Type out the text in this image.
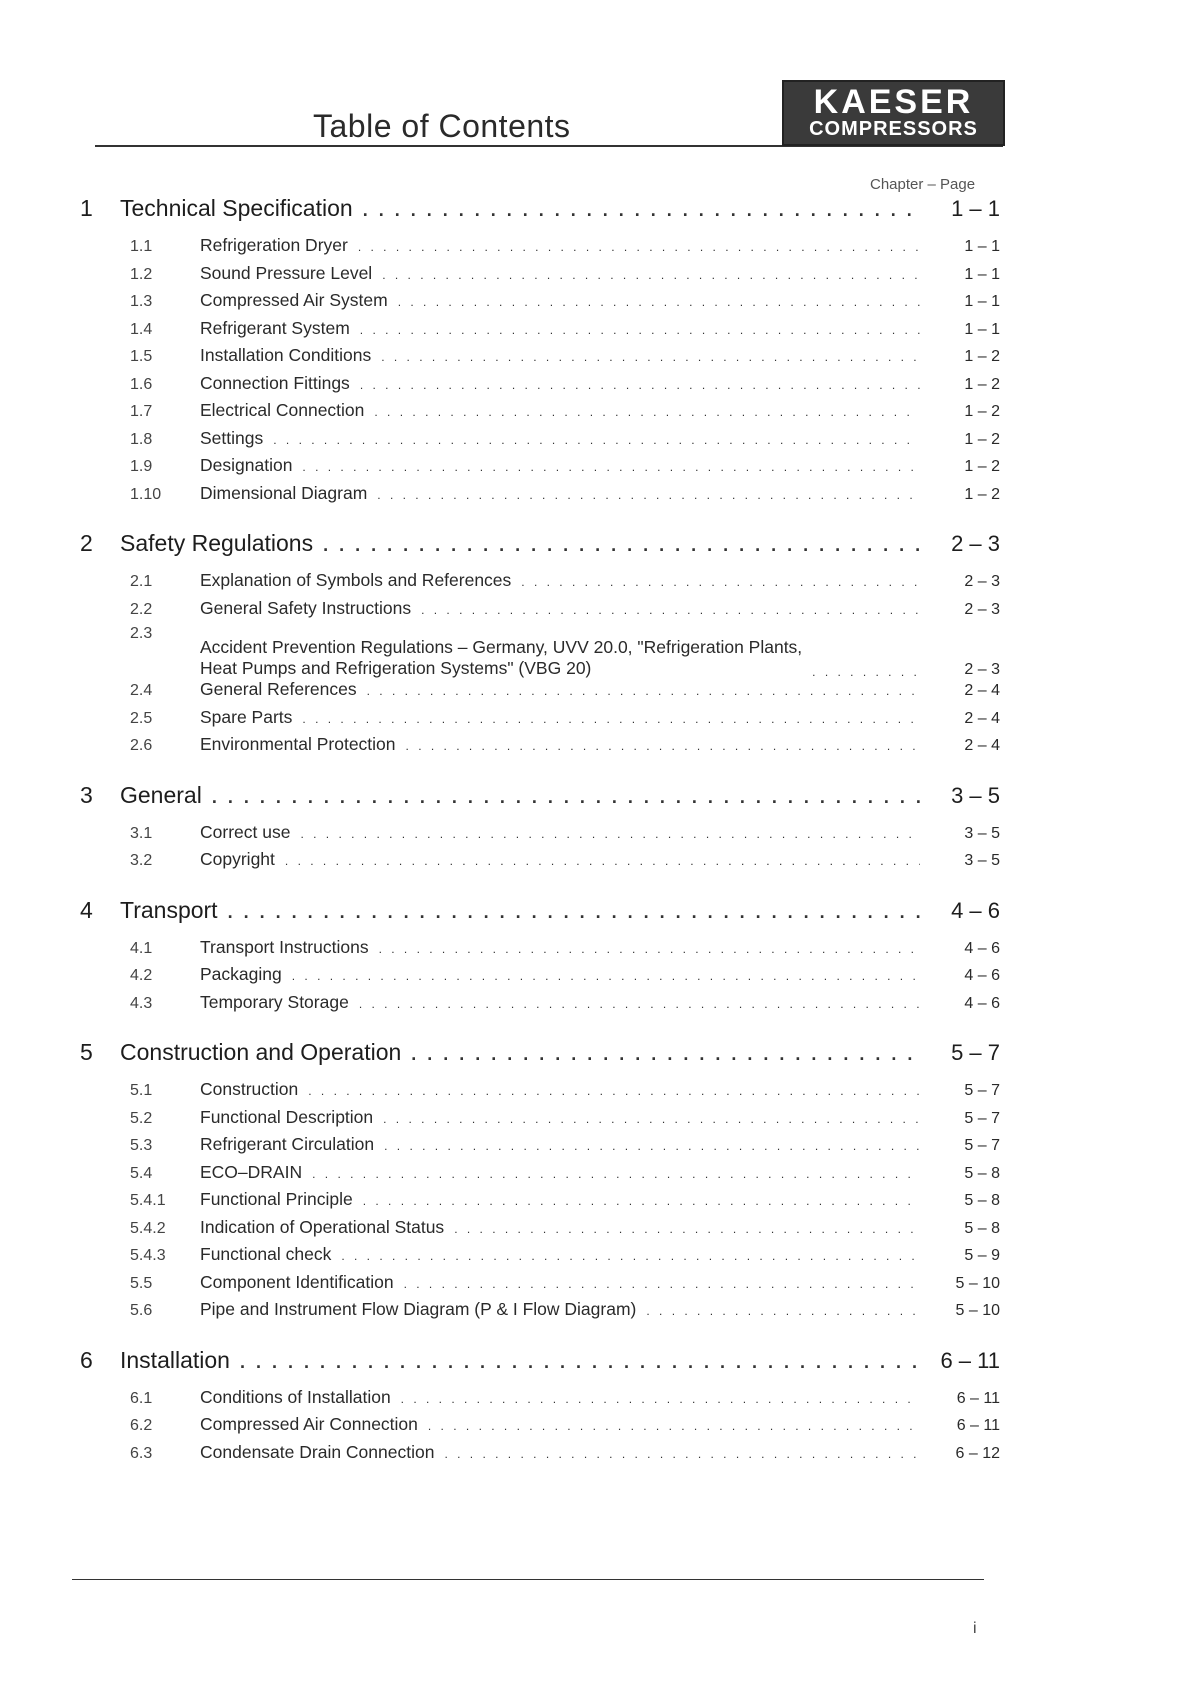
Table of Contents
KAESER
COMPRESSORS
Chapter – Page
1	Technical Specification . . .	1 – 1
1.1	Refrigeration Dryer . . .	1 – 1
1.2	Sound Pressure Level . . .	1 – 1
1.3	Compressed Air System . . .	1 – 1
1.4	Refrigerant System . . .	1 – 1
1.5	Installation Conditions . . .	1 – 2
1.6	Connection Fittings . . .	1 – 2
1.7	Electrical Connection . . .	1 – 2
1.8	Settings . . .	1 – 2
1.9	Designation . . .	1 – 2
1.10	Dimensional Diagram . . .	1 – 2
2	Safety Regulations . . .	2 – 3
2.1	Explanation of Symbols and References . . .	2 – 3
2.2	General Safety Instructions . . .	2 – 3
2.3
Accident Prevention Regulations – Germany, UVV 20.0, "Refrigeration Plants,
Heat Pumps and Refrigeration Systems" (VBG 20) . . .	2 – 3
2.4	General References . . .	2 – 4
2.5	Spare Parts . . .	2 – 4
2.6	Environmental Protection . . .	2 – 4
3	General . . .	3 – 5
3.1	Correct use . . .	3 – 5
3.2	Copyright . . .	3 – 5
4	Transport . . .	4 – 6
4.1	Transport Instructions . . .	4 – 6
4.2	Packaging . . .	4 – 6
4.3	Temporary Storage . . .	4 – 6
5	Construction and Operation . . .	5 – 7
5.1	Construction . . .	5 – 7
5.2	Functional Description . . .	5 – 7
5.3	Refrigerant Circulation . . .	5 – 7
5.4	ECO–DRAIN . . .	5 – 8
5.4.1	Functional Principle . . .	5 – 8
5.4.2	Indication of Operational Status . . .	5 – 8
5.4.3	Functional check . . .	5 – 9
5.5	Component Identification . . .	5 – 10
5.6	Pipe and Instrument Flow Diagram (P & I Flow Diagram) . . .	5 – 10
6	Installation . . .	6 – 11
6.1	Conditions of Installation . . .	6 – 11
6.2	Compressed Air Connection . . .	6 – 11
6.3	Condensate Drain Connection . . .	6 – 12
i
